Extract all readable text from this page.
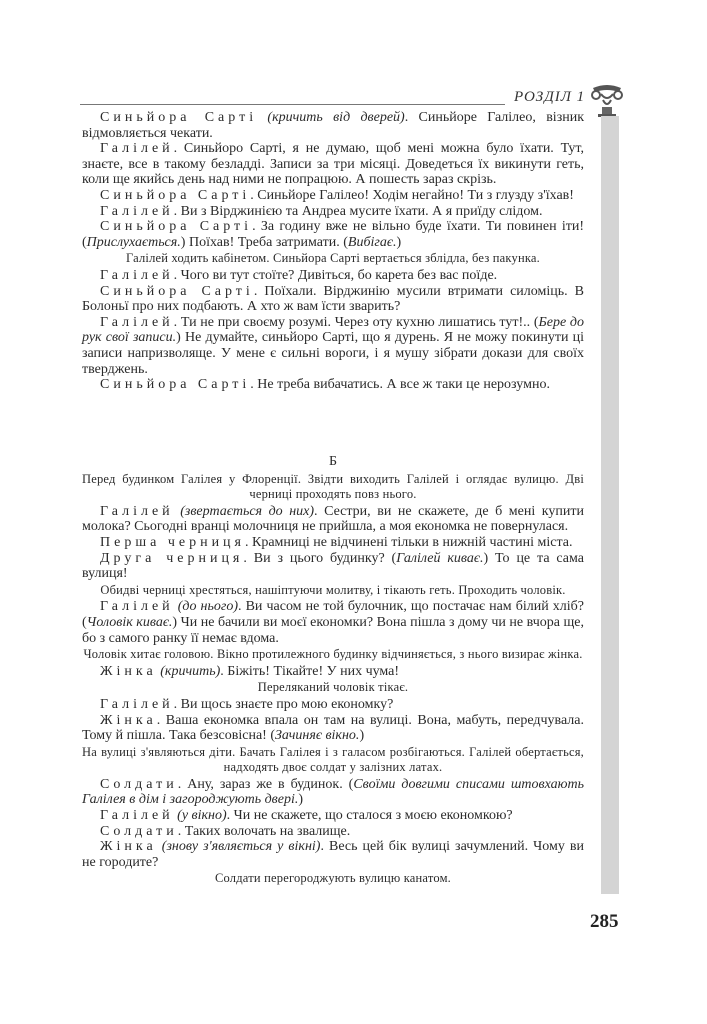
РОЗДІЛ 1

Синьйора Сарті (кричить від дверей). Синьйоре Галілео, візник відмовляється чекати.

Галілей. Синьйоро Сарті, я не думаю, щоб мені можна було їхати. Тут, знаєте, все в такому безладді. Записи за три місяці. Доведеться їх викинути геть, коли ще якийсь день над ними не попрацюю. А пошесть зараз скрізь.

Синьйора Сарті. Синьйоре Галілео! Ходім негайно! Ти з глузду з'їхав!

Галілей. Ви з Вірджинією та Андреа мусите їхати. А я приїду слідом.

Синьйора Сарті. За годину вже не вільно буде їхати. Ти повинен іти! (Прислухається.) Поїхав! Треба затримати. (Вибігає.)

Галілей ходить кабінетом. Синьйора Сарті вертається зблідла, без пакунка.

Галілей. Чого ви тут стоїте? Дивіться, бо карета без вас поїде.

Синьйора Сарті. Поїхали. Вірджинію мусили втримати силоміць. В Болоньї про них подбають. А хто ж вам їсти зварить?

Галілей. Ти не при своєму розумі. Через оту кухню лишатись тут!.. (Бере до рук свої записи.) Не думайте, синьйоро Сарті, що я дурень. Я не можу покинути ці записи напризволяще. У мене є сильні вороги, і я мушу зібрати докази для своїх тверджень.

Синьйора Сарті. Не треба вибачатись. А все ж таки це нерозумно.

Б

Перед будинком Галілея у Флоренції. Звідти виходить Галілей і оглядає вулицю. Дві черниці проходять повз нього.

Галілей (звертається до них). Сестри, ви не скажете, де б мені купити молока? Сьогодні вранці молочниця не прийшла, а моя економка не повернулася.

Перша черниця. Крамниці не відчинені тільки в нижній частині міста.

Друга черниця. Ви з цього будинку? (Галілей киває.) То це та сама вулиця!

Обидві черниці хрестяться, нашіптуючи молитву, і тікають геть. Проходить чоловік.

Галілей (до нього). Ви часом не той булочник, що постачає нам білий хліб? (Чоловік киває.) Чи не бачили ви моєї економки? Вона пішла з дому чи не вчора ще, бо з самого ранку її немає вдома.

Чоловік хитає головою. Вікно протилежного будинку відчиняється, з нього визирає жінка.

Жінка (кричить). Біжіть! Тікайте! У них чума!

Переляканий чоловік тікає.

Галілей. Ви щось знаєте про мою економку?

Жінка. Ваша економка впала он там на вулиці. Вона, мабуть, передчувала. Тому й пішла. Така безсовісна! (Зачиняє вікно.)

На вулиці з'являються діти. Бачать Галілея і з галасом розбігаються. Галілей обертається, надходять двоє солдат у залізних латах.

Солдати. Ану, зараз же в будинок. (Своїми довгими списами штовхають Галілея в дім і загороджують двері.)

Галілей (у вікно). Чи не скажете, що сталося з моєю економкою?

Солдати. Таких волочать на звалище.

Жінка (знову з'являється у вікні). Весь цей бік вулиці зачумлений. Чому ви не городите?

Солдати перегороджують вулицю канатом.

285
